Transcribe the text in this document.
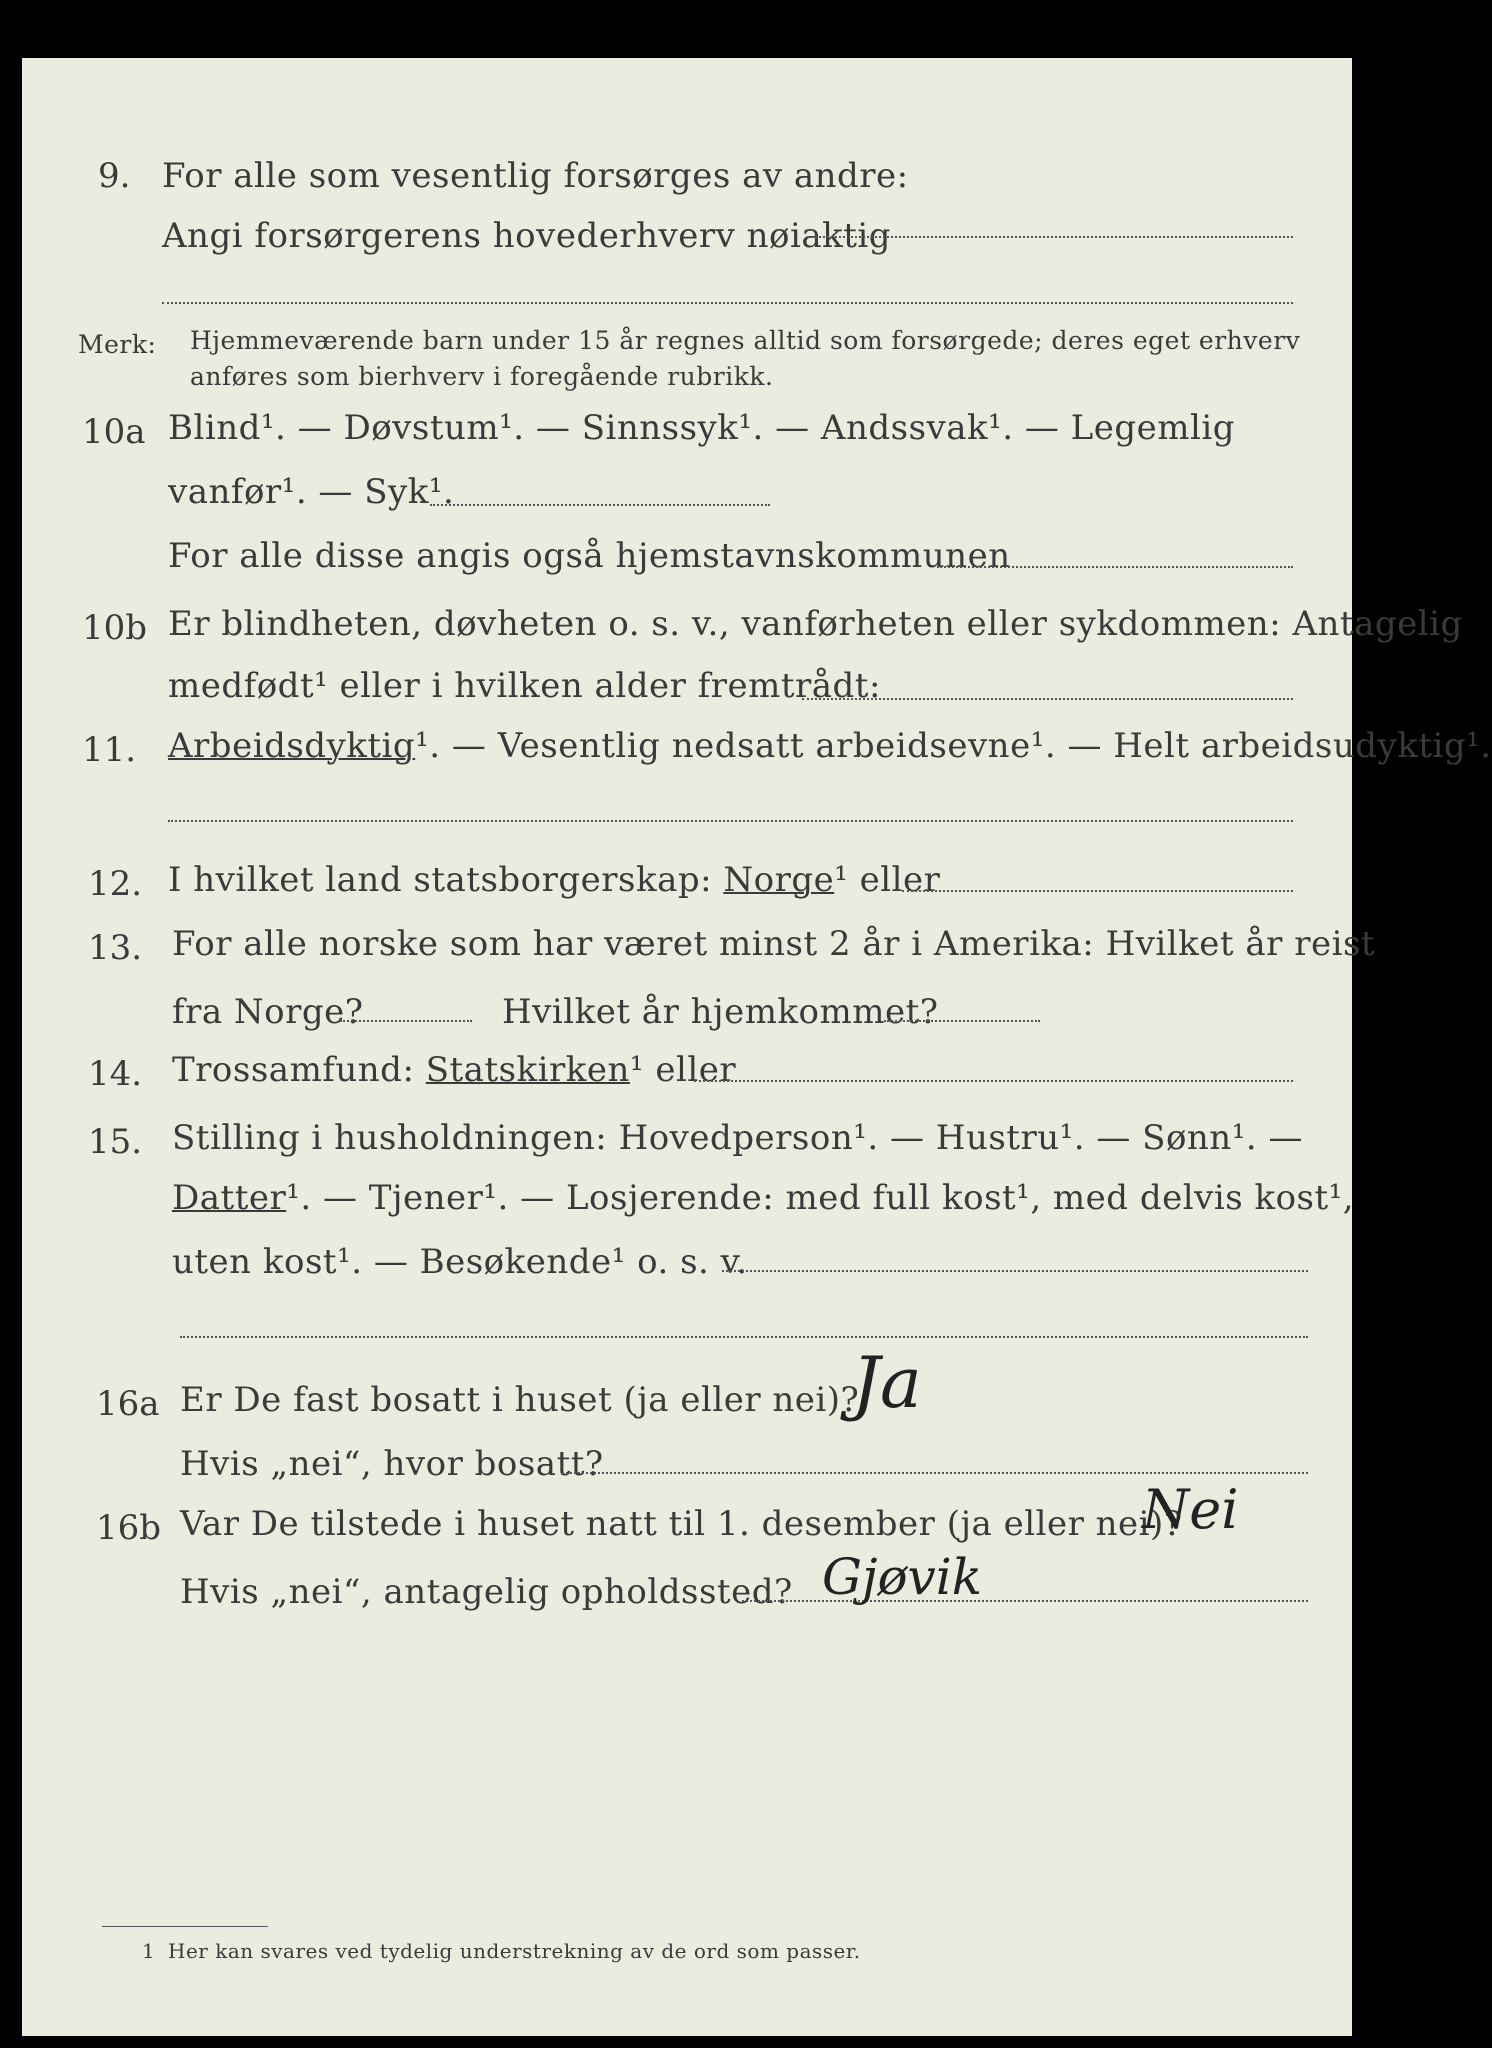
9. For alle som vesentlig forsørges av andre:
Angi forsørgerens hovederhverv nøiaktig
Merk: Hjemmeværende barn under 15 år regnes alltid som forsørgede; deres eget erhverv
anføres som bierhverv i foregående rubrikk.
10a Blind¹. — Døvstum¹. — Sinnssyk¹. — Andssvak¹. — Legemlig
vanfør¹. — Syk¹.
For alle disse angis også hjemstavnskommunen
10b Er blindheten, døvheten o. s. v., vanførheten eller sykdommen: Antagelig
medfødt¹ eller i hvilken alder fremtrådt:
11. Arbeidsdyktig¹. — Vesentlig nedsatt arbeidsevne¹. — Helt arbeidsudyktig¹.
12. I hvilket land statsborgerskap: Norge¹ eller
13. For alle norske som har været minst 2 år i Amerika: Hvilket år reist
fra Norge?	Hvilket år hjemkommet?
14. Trossamfund: Statskirken¹ eller
15. Stilling i husholdningen: Hovedperson¹. — Hustru¹. — Sønn¹. —
Datter¹. — Tjener¹. — Losjerende: med full kost¹, med delvis kost¹,
uten kost¹. — Besøkende¹ o. s. v.
16a Er De fast bosatt i huset (ja eller nei)?
Ja
Hvis „nei“, hvor bosatt?
16b Var De tilstede i huset natt til 1. desember (ja eller nei)?
Nei
Hvis „nei“, antagelig opholdssted? Gjøvik
1 Her kan svares ved tydelig understrekning av de ord som passer.
